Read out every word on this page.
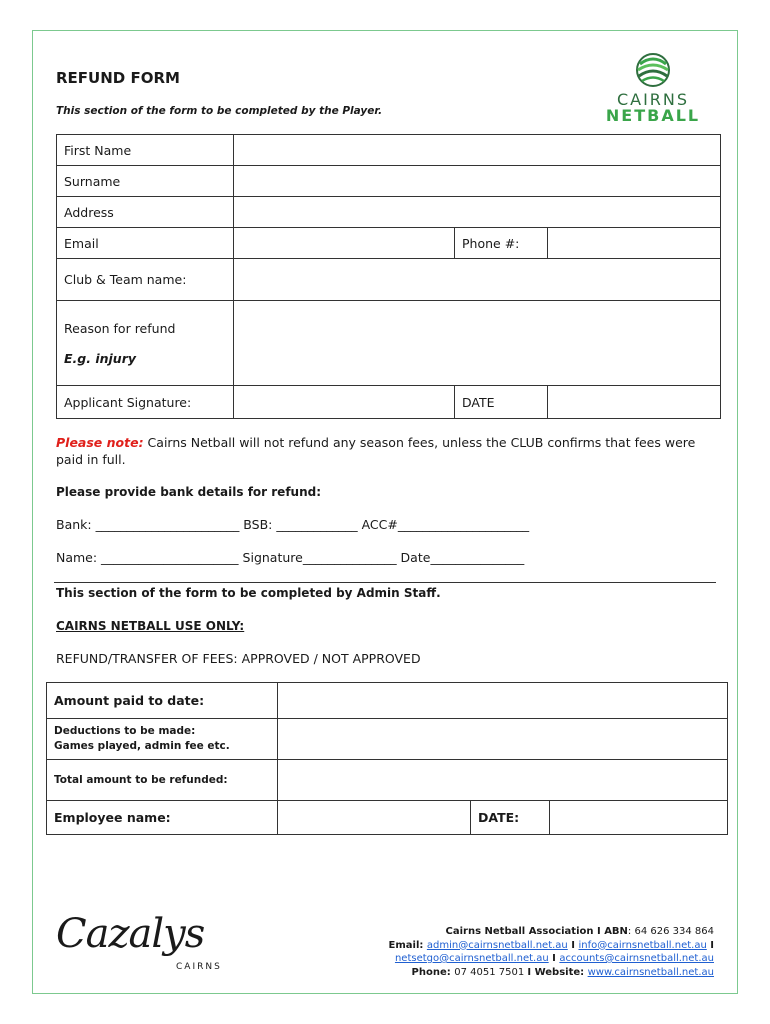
REFUND FORM
This section of the form to be completed by the Player.
CAIRNS
NETBALL
First Name			
Surname			
Address			
Email		Phone #:	
Club & Team name:			

Reason for refund
E.g. injury			

Applicant Signature:		DATE	
Please note: Cairns Netball will not refund any season fees, unless the CLUB confirms that fees were paid in full.
Please provide bank details for refund:
Bank: _______________________ BSB: _____________ ACC#_____________________
Name: ______________________ Signature_______________ Date_______________
This section of the form to be completed by Admin Staff.
CAIRNS NETBALL USE ONLY:
REFUND/TRANSFER OF FEES: APPROVED / NOT APPROVED
Amount paid to date:			

Deductions to be made:
Games played, admin fee etc.			

Total amount to be refunded:			
Employee name:		DATE:	
Cazalys
CAIRNS
Cairns Netball Association I ABN: 64 626 334 864
Email: admin@cairnsnetball.net.au I info@cairnsnetball.net.au I
netsetgo@cairnsnetball.net.au I accounts@cairnsnetball.net.au
Phone: 07 4051 7501 I Website: www.cairnsnetball.net.au
